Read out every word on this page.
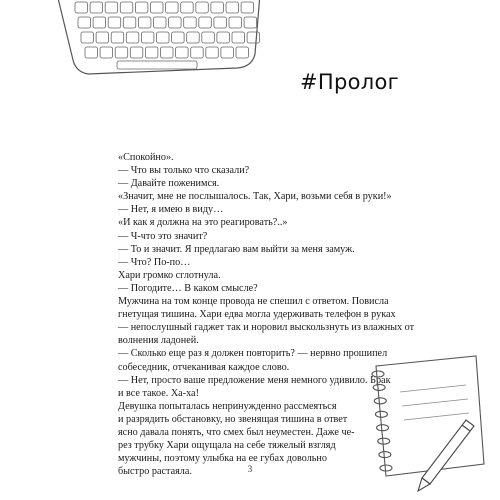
#Пролог

«Спокойно».

— Что вы только что сказали?

— Давайте поженимся.

«Значит, мне не послышалось. Так, Хари, возьми себя в руки!»

— Нет, я имею в виду…

«И как я должна на это реагировать?..»

— Ч-что это значит?

— То и значит. Я предлагаю вам выйти за меня замуж.

— Что? По-по…

Хари громко сглотнула.

— Погодите… В каком смысле?

Мужчина на том конце провода не спешил с ответом. Повисла

гнетущая тишина. Хари едва могла удерживать телефон в руках

— непослушный гаджет так и норовил выскользнуть из влажных от

волнения ладоней.

— Сколько еще раз я должен повторить? — нервно прошипел

собеседник, отчеканивая каждое слово.

— Нет, просто ваше предложение меня немного удивило. Брак

и все такое. Ха-ха!

Девушка попыталась непринужденно рассмеяться

и разрядить обстановку, но звенящая тишина в ответ

ясно давала понять, что смех был неуместен. Даже че-

рез трубку Хари ощущала на себе тяжелый взгляд

мужчины, поэтому улыбка на ее губах довольно

быстро растаяла.	3
